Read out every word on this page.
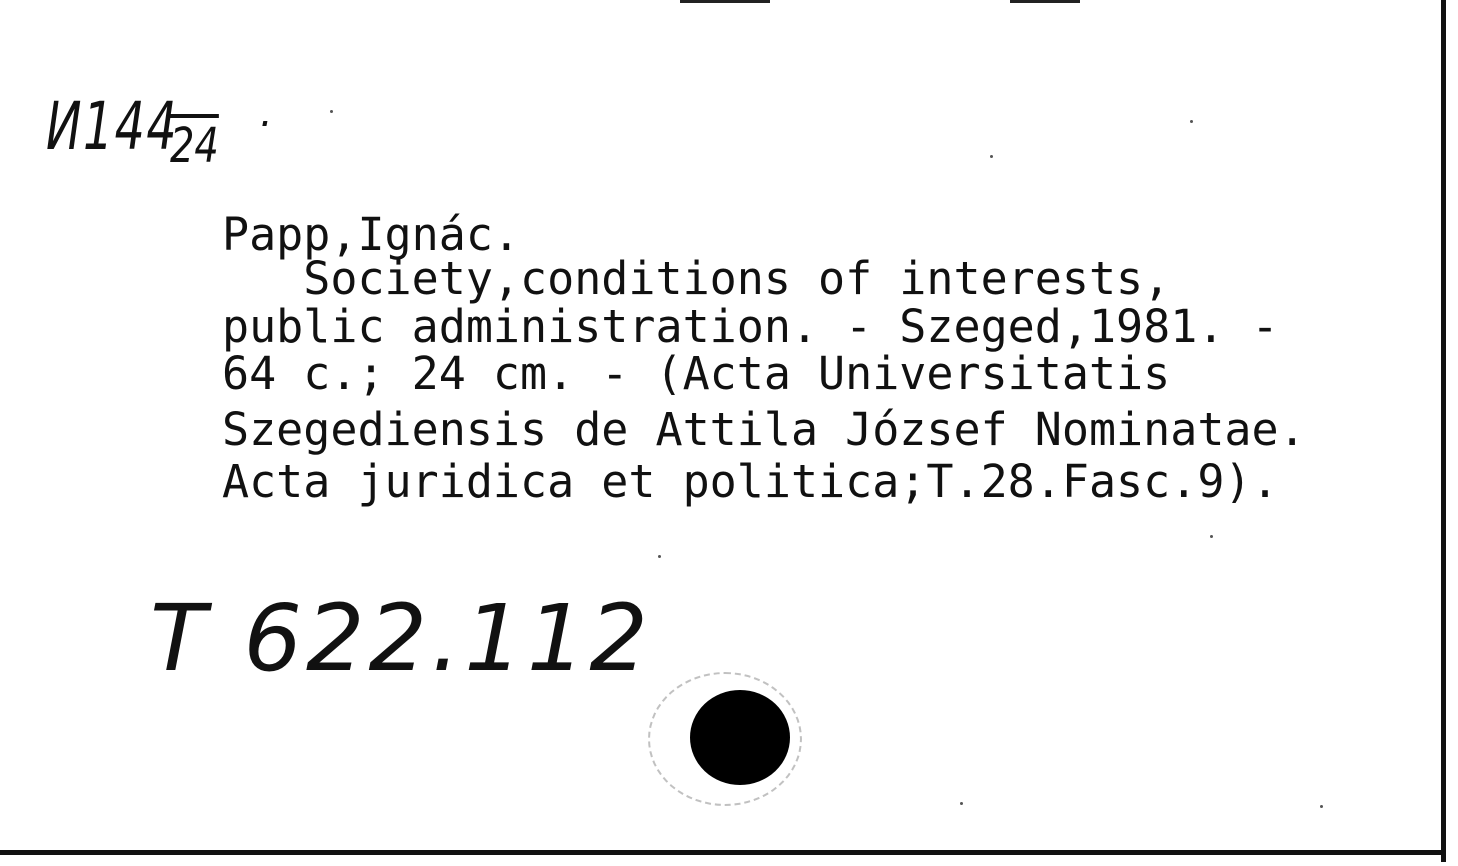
И144
24
.
Papp,Ignác.
Society,conditions of interests,
public administration. - Szeged,1981. -
64 c.; 24 cm. - (Acta Universitatis
Szegediensis de Attila József Nominatae.
Acta juridica et politica;T.28.Fasc.9).
T 622.112
